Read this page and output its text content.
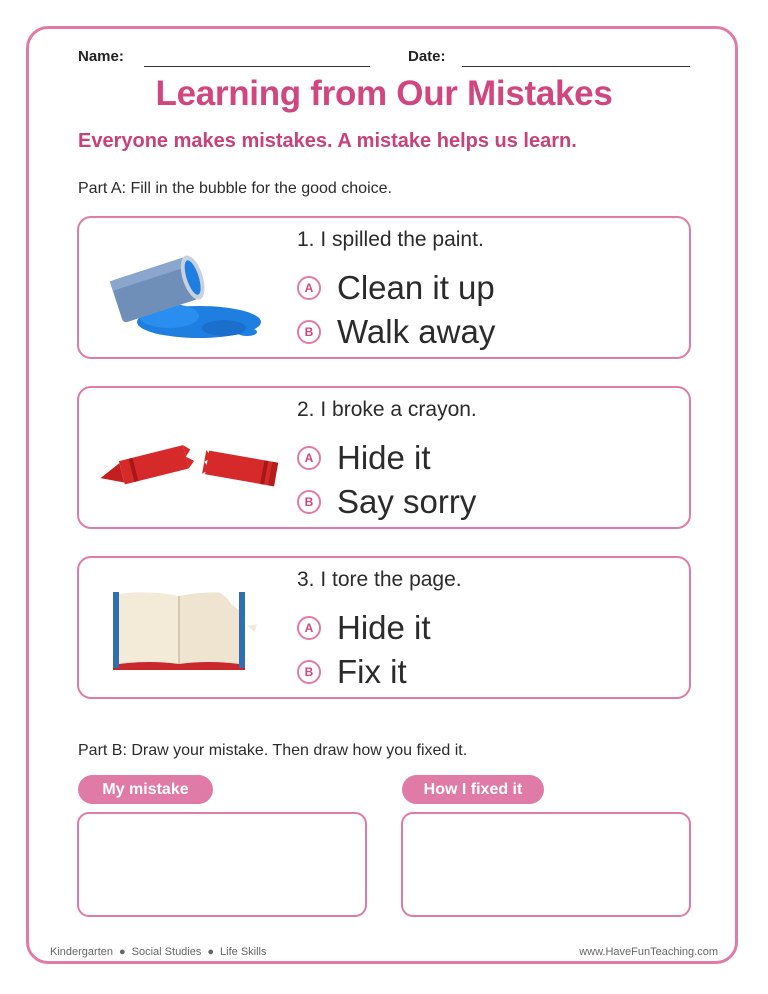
Name:	Date:
Learning from Our Mistakes
Everyone makes mistakes. A mistake helps us learn.
Part A: Fill in the bubble for the good choice.
1. I spilled the paint.
A Clean it up
B Walk away
2. I broke a crayon.
A Hide it
B Say sorry
3. I tore the page.
A Hide it
B Fix it
Part B: Draw your mistake. Then draw how you fixed it.
My mistake	How I fixed it
Kindergarten ● Social Studies ● Life Skills	www.HaveFunTeaching.com
